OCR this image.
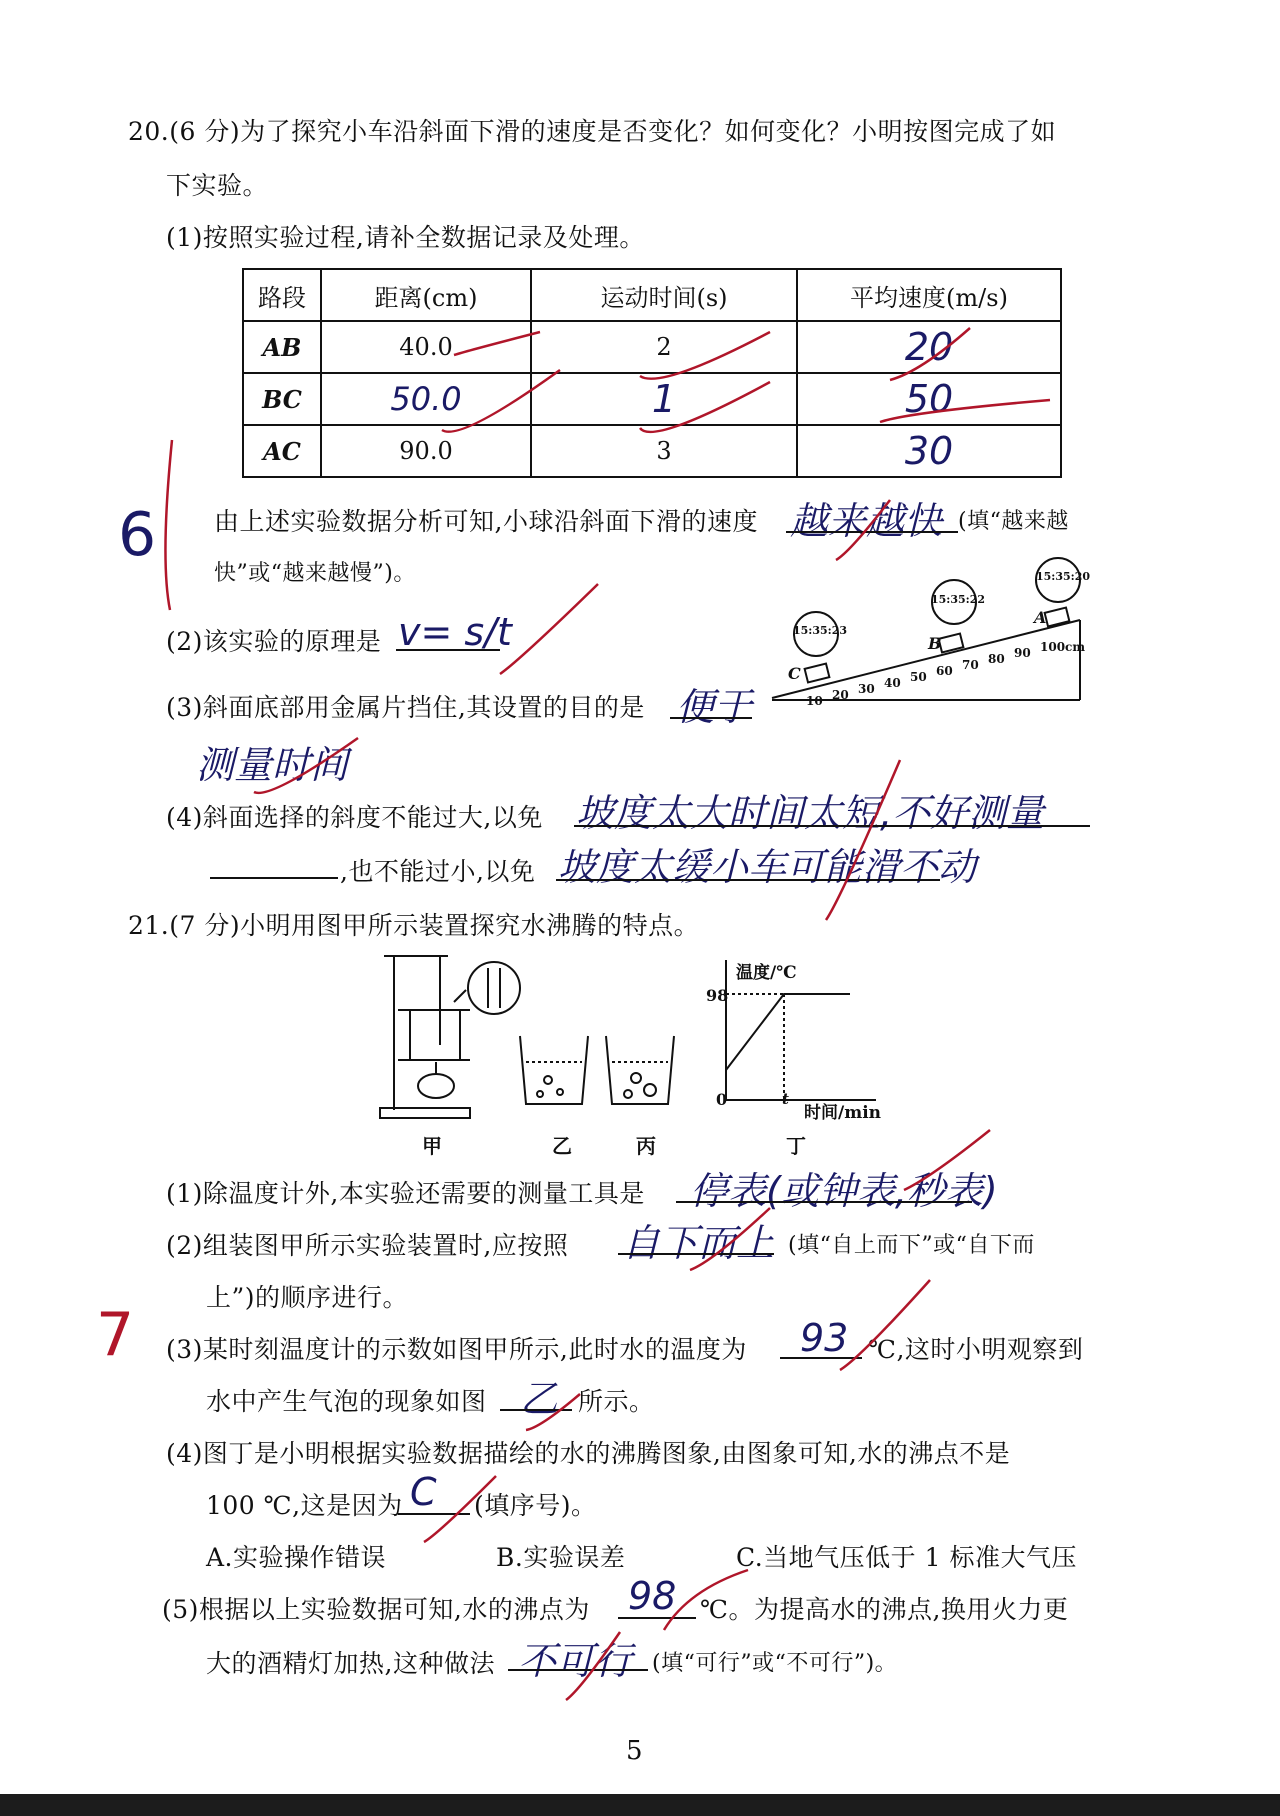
20.(6 分)为了探究小车沿斜面下滑的速度是否变化？如何变化？小明按图完成了如
下实验。
(1)按照实验过程,请补全数据记录及处理。
路段	距离(cm)	运动时间(s)	平均速度(m/s)
AB	40.0	2	20
BC	50.0	1	50
AC	90.0	3	30
由上述实验数据分析可知,小球沿斜面下滑的速度 越来越快 (填“越来越
快”或“越来越慢”)。
(2)该实验的原理是 v= s/t
(3)斜面底部用金属片挡住,其设置的目的是 便于
测量时间
(4)斜面选择的斜度不能过大,以免 坡度太大时间太短,不好测量
,也不能过小,以免 坡度太缓小车可能滑不动
21.(7 分)小明用图甲所示装置探究水沸腾的特点。
甲	乙	丙	丁
温度/℃
时间/min
98
0	t
(1)除温度计外,本实验还需要的测量工具是 停表(或钟表,秒表)
(2)组装图甲所示实验装置时,应按照 自下而上 (填“自上而下”或“自下而
上”)的顺序进行。
(3)某时刻温度计的示数如图甲所示,此时水的温度为 93 ℃,这时小明观察到
水中产生气泡的现象如图 乙 所示。
(4)图丁是小明根据实验数据描绘的水的沸腾图象,由图象可知,水的沸点不是
100 ℃,这是因为 C (填序号)。
A.实验操作错误	B.实验误差	C.当地气压低于 1 标准大气压
(5)根据以上实验数据可知,水的沸点为 98 ℃。为提高水的沸点,换用火力更
大的酒精灯加热,这种做法 不可行 (填“可行”或“不可行”)。
5
6
7
15:35:23
15:35:22
15:35:20
C
B
A
10 20 30 40 50 60 70 80 90 100cm
